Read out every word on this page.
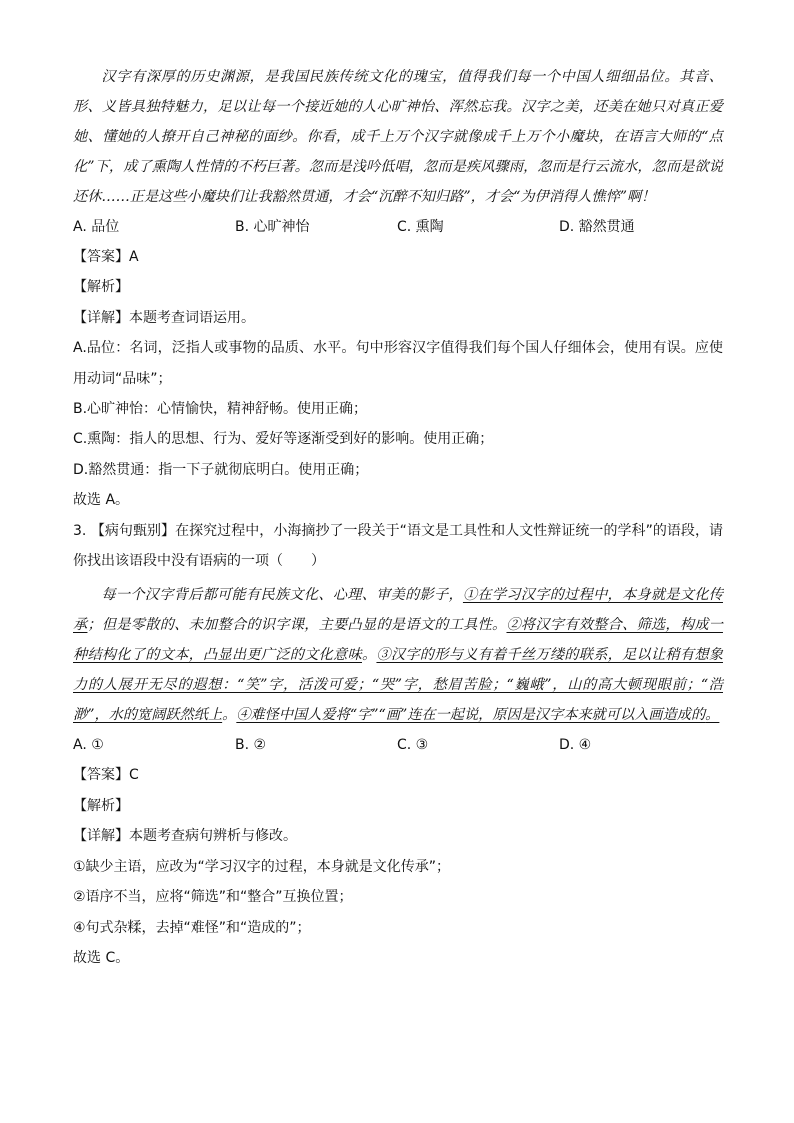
汉字有深厚的历史渊源，是我国民族传统文化的瑰宝，值得我们每一个中国人细细品位。其音、形、义皆具独特魅力，足以让每一个接近她的人心旷神怡、浑然忘我。汉字之美，还美在她只对真正爱她、懂她的人撩开自己神秘的面纱。你看，成千上万个汉字就像成千上万个小魔块，在语言大师的“点化”下，成了熏陶人性情的不朽巨著。忽而是浅吟低唱，忽而是疾风骤雨，忽而是行云流水，忽而是欲说还休……正是这些小魔块们让我豁然贯通，才会“沉醉不知归路”，才会“为伊消得人憔悴”啊！

A. 品位	B. 心旷神怡	C. 熏陶	D. 豁然贯通

【答案】A

【解析】

【详解】本题考查词语运用。

A.品位：名词，泛指人或事物的品质、水平。句中形容汉字值得我们每个国人仔细体会，使用有误。应使用动词“品味”；

B.心旷神怡：心情愉快，精神舒畅。使用正确；

C.熏陶：指人的思想、行为、爱好等逐渐受到好的影响。使用正确；

D.豁然贯通：指一下子就彻底明白。使用正确；

故选 A。

3. 【病句甄别】在探究过程中，小海摘抄了一段关于“语文是工具性和人文性辩证统一的学科”的语段，请你找出该语段中没有语病的一项（　　）

每一个汉字背后都可能有民族文化、心理、审美的影子，①在学习汉字的过程中，本身就是文化传承；但是零散的、未加整合的识字课，主要凸显的是语文的工具性。②将汉字有效整合、筛选，构成一种结构化了的文本，凸显出更广泛的文化意味。③汉字的形与义有着千丝万缕的联系，足以让稍有想象力的人展开无尽的遐想：“笑”字，活泼可爱；“哭”字，愁眉苦脸；“巍峨”，山的高大顿现眼前；“浩渺”，水的宽阔跃然纸上。④难怪中国人爱将“字”“画”连在一起说，原因是汉字本来就可以入画造成的。

A. ①	B. ②	C. ③	D. ④

【答案】C

【解析】

【详解】本题考查病句辨析与修改。

①缺少主语，应改为“学习汉字的过程，本身就是文化传承”；

②语序不当，应将“筛选”和“整合”互换位置；

④句式杂糅，去掉“难怪”和“造成的”；

故选 C。
